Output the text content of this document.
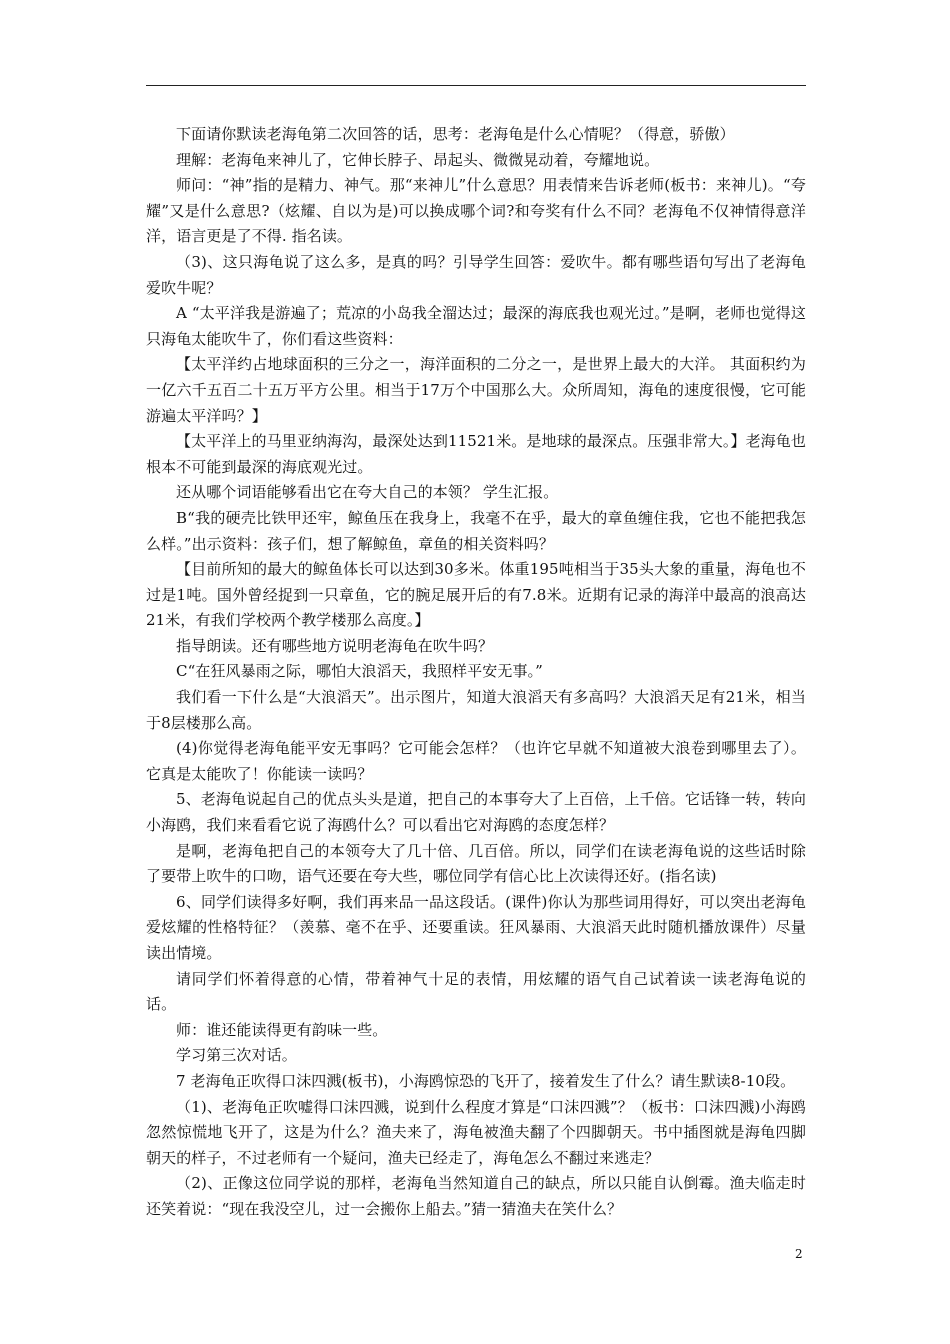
下面请你默读老海龟第二次回答的话，思考：老海龟是什么心情呢？（得意，骄傲）

理解：老海龟来神儿了，它伸长脖子、昂起头、微微晃动着，夸耀地说。

师问：“神”指的是精力、神气。那“来神儿”什么意思？用表情来告诉老师(板书：来神儿)。“夸耀”又是什么意思?（炫耀、自以为是)可以换成哪个词?和夸奖有什么不同？老海龟不仅神情得意洋洋，语言更是了不得. 指名读。

（3)、这只海龟说了这么多，是真的吗？引导学生回答：爱吹牛。都有哪些语句写出了老海龟爱吹牛呢？

A “太平洋我是游遍了；荒凉的小岛我全溜达过；最深的海底我也观光过。”是啊，老师也觉得这只海龟太能吹牛了，你们看这些资料：

【太平洋约占地球面积的三分之一，海洋面积的二分之一，是世界上最大的大洋。 其面积约为一亿六千五百二十五万平方公里。相当于17万个中国那么大。众所周知，海龟的速度很慢，它可能游遍太平洋吗？】

【太平洋上的马里亚纳海沟，最深处达到11521米。是地球的最深点。压强非常大。】老海龟也根本不可能到最深的海底观光过。

还从哪个词语能够看出它在夸大自己的本领？ 学生汇报。

B“我的硬壳比铁甲还牢，鲸鱼压在我身上，我毫不在乎，最大的章鱼缠住我，它也不能把我怎么样。”出示资料：孩子们，想了解鲸鱼，章鱼的相关资料吗？

【目前所知的最大的鲸鱼体长可以达到30多米。体重195吨相当于35头大象的重量，海龟也不过是1吨。国外曾经捉到一只章鱼，它的腕足展开后的有7.8米。近期有记录的海洋中最高的浪高达21米，有我们学校两个教学楼那么高度。】

指导朗读。还有哪些地方说明老海龟在吹牛吗？

C“在狂风暴雨之际，哪怕大浪滔天，我照样平安无事。”

我们看一下什么是“大浪滔天”。出示图片，知道大浪滔天有多高吗？大浪滔天足有21米，相当于8层楼那么高。

(4)你觉得老海龟能平安无事吗？它可能会怎样？（也许它早就不知道被大浪卷到哪里去了）。它真是太能吹了！你能读一读吗？

5、老海龟说起自己的优点头头是道，把自己的本事夸大了上百倍，上千倍。它话锋一转，转向小海鸥，我们来看看它说了海鸥什么？可以看出它对海鸥的态度怎样？

是啊，老海龟把自己的本领夸大了几十倍、几百倍。所以，同学们在读老海龟说的这些话时除了要带上吹牛的口吻，语气还要在夸大些，哪位同学有信心比上次读得还好。(指名读)

6、同学们读得多好啊，我们再来品一品这段话。(课件)你认为那些词用得好，可以突出老海龟爱炫耀的性格特征？（羡慕、毫不在乎、还要重读。狂风暴雨、大浪滔天此时随机播放课件）尽量读出情境。

请同学们怀着得意的心情，带着神气十足的表情，用炫耀的语气自己试着读一读老海龟说的话。

师：谁还能读得更有韵味一些。

学习第三次对话。

7 老海龟正吹得口沫四溅(板书)，小海鸥惊恐的飞开了，接着发生了什么？请生默读8-10段。

（1)、老海龟正吹嘘得口沫四溅，说到什么程度才算是“口沫四溅”？（板书：口沫四溅)小海鸥忽然惊慌地飞开了，这是为什么？渔夫来了，海龟被渔夫翻了个四脚朝天。书中插图就是海龟四脚朝天的样子，不过老师有一个疑问，渔夫已经走了，海龟怎么不翻过来逃走？

（2)、正像这位同学说的那样，老海龟当然知道自己的缺点，所以只能自认倒霉。渔夫临走时还笑着说：“现在我没空儿，过一会搬你上船去。”猜一猜渔夫在笑什么？

2
